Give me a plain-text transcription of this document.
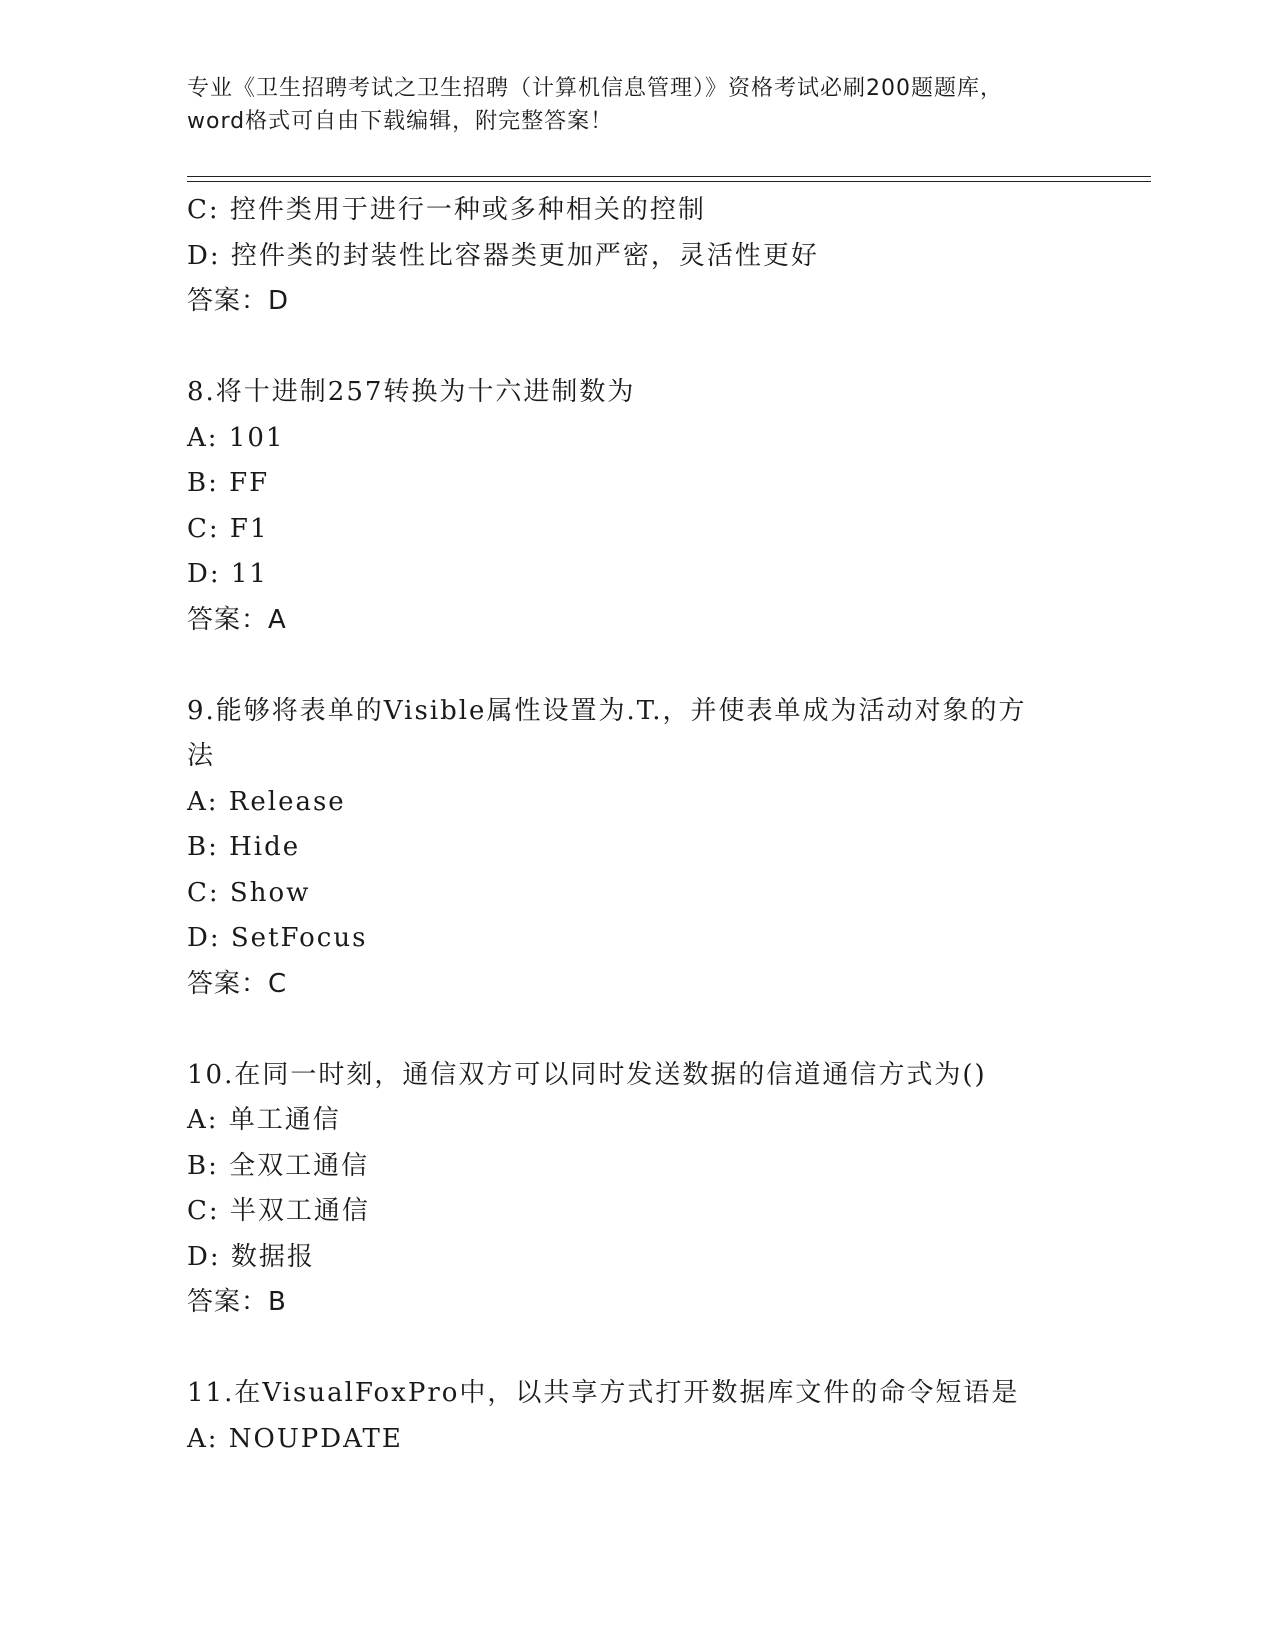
专业《卫生招聘考试之卫生招聘（计算机信息管理）》资格考试必刷200题题库，
word格式可自由下载编辑，附完整答案！
C: 控件类用于进行一种或多种相关的控制
D: 控件类的封装性比容器类更加严密，灵活性更好
答案：D
8.将十进制257转换为十六进制数为
A: 101
B: FF
C: F1
D: 11
答案：A
9.能够将表单的Visible属性设置为.T.，并使表单成为活动对象的方
法
A: Release
B: Hide
C: Show
D: SetFocus
答案：C
10.在同一时刻，通信双方可以同时发送数据的信道通信方式为()
A: 单工通信
B: 全双工通信
C: 半双工通信
D: 数据报
答案：B
11.在VisualFoxPro中，以共享方式打开数据库文件的命令短语是
A: NOUPDATE
